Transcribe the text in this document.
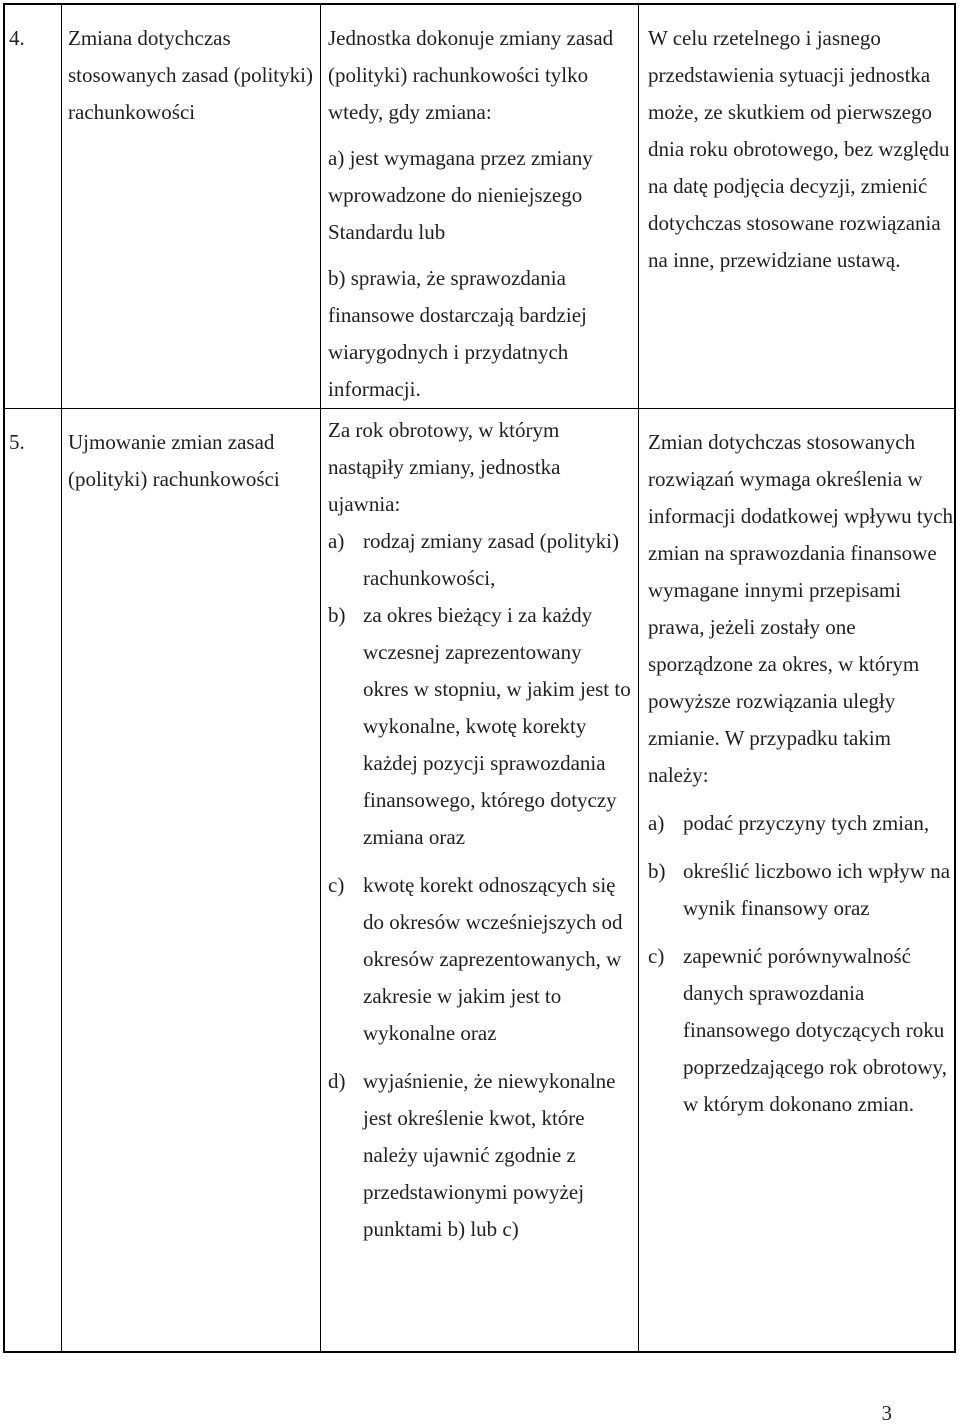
4.	Zmiana dotychczas stosowanych zasad (polityki) rachunkowości

Jednostka dokonuje zmiany zasad (polityki) rachunkowości tylko wtedy, gdy zmiana:

a) jest wymagana przez zmiany wprowadzone do nieniejszego Standardu lub

b) sprawia, że sprawozdania finansowe dostarczają bardziej wiarygodnych i przydatnych informacji.

W celu rzetelnego i jasnego przedstawienia sytuacji jednostka może, ze skutkiem od pierwszego dnia roku obrotowego, bez względu na datę podjęcia decyzji, zmienić dotychczas stosowane rozwiązania na inne, przewidziane ustawą.

5.	Ujmowanie zmian zasad (polityki) rachunkowości

Za rok obrotowy, w którym nastąpiły zmiany, jednostka ujawnia:

a) rodzaj zmiany zasad (polityki) rachunkowości,
b) za okres bieżący i za każdy wczesnej zaprezentowany okres w stopniu, w jakim jest to wykonalne, kwotę korekty każdej pozycji sprawozdania finansowego, którego dotyczy zmiana oraz
c) kwotę korekt odnoszących się do okresów wcześniejszych od okresów zaprezentowanych, w zakresie w jakim jest to wykonalne oraz
d) wyjaśnienie, że niewykonalne jest określenie kwot, które należy ujawnić zgodnie z przedstawionymi powyżej punktami b) lub c)

Zmian dotychczas stosowanych rozwiązań wymaga określenia w informacji dodatkowej wpływu tych zmian na sprawozdania finansowe wymagane innymi przepisami prawa, jeżeli zostały one sporządzone za okres, w którym powyższe rozwiązania uległy zmianie. W przypadku takim należy:

a) podać przyczyny tych zmian,
b) określić liczbowo ich wpływ na wynik finansowy oraz
c) zapewnić porównywalność danych sprawozdania finansowego dotyczących roku poprzedzającego rok obrotowy, w którym dokonano zmian.
3
